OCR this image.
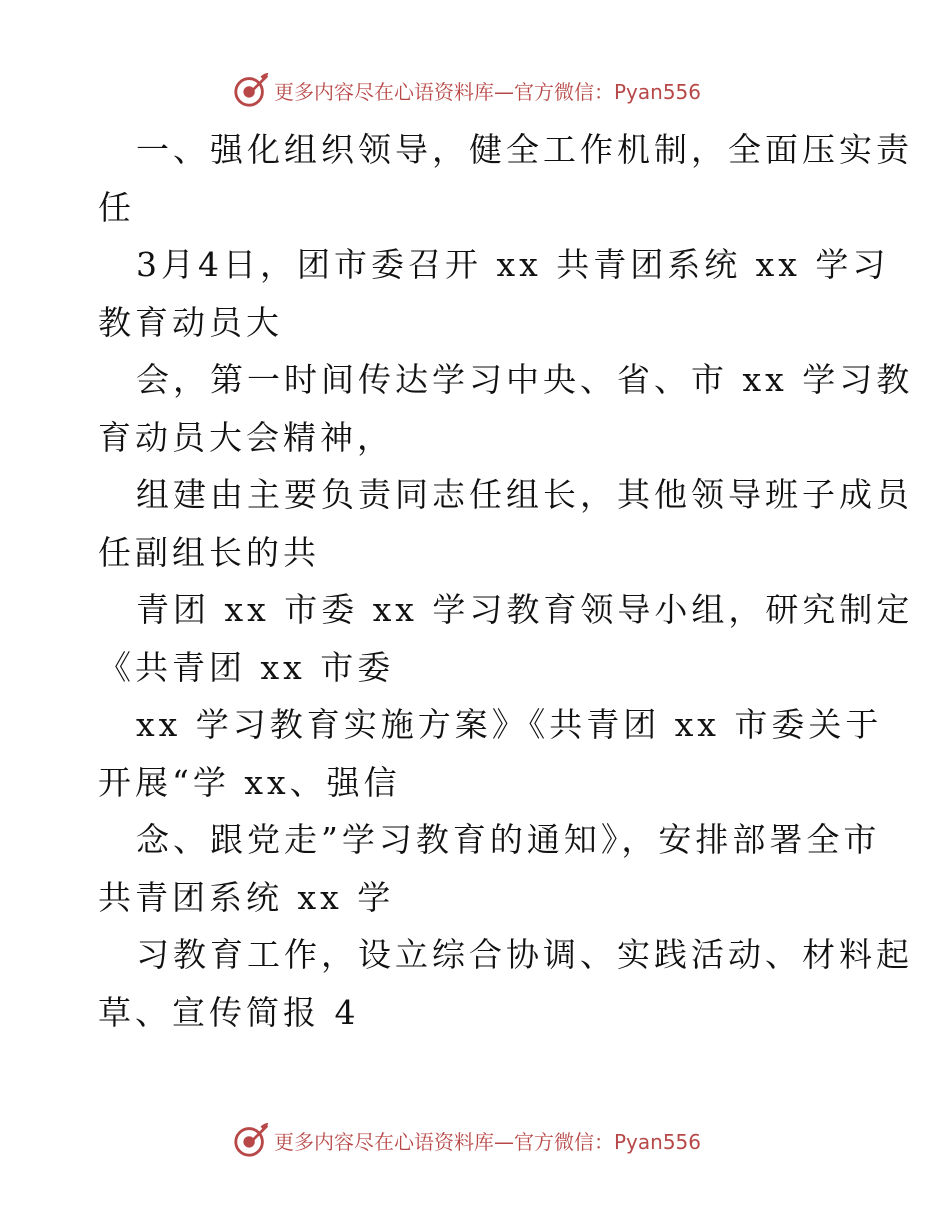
更多内容尽在心语资料库—官方微信：Pyan556

一、强化组织领导，健全工作机制，全面压实责
任

3月4日，团市委召开 xx 共青团系统 xx 学习
教育动员大

会，第一时间传达学习中央、省、市 xx 学习教
育动员大会精神，

组建由主要负责同志任组长，其他领导班子成员
任副组长的共

青团 xx 市委 xx 学习教育领导小组，研究制定
《共青团 xx 市委

xx 学习教育实施方案》《共青团 xx 市委关于
开展“学 xx、强信

念、跟党走”学习教育的通知》，安排部署全市
共青团系统 xx 学

习教育工作，设立综合协调、实践活动、材料起
草、宣传简报 4

更多内容尽在心语资料库—官方微信：Pyan556
